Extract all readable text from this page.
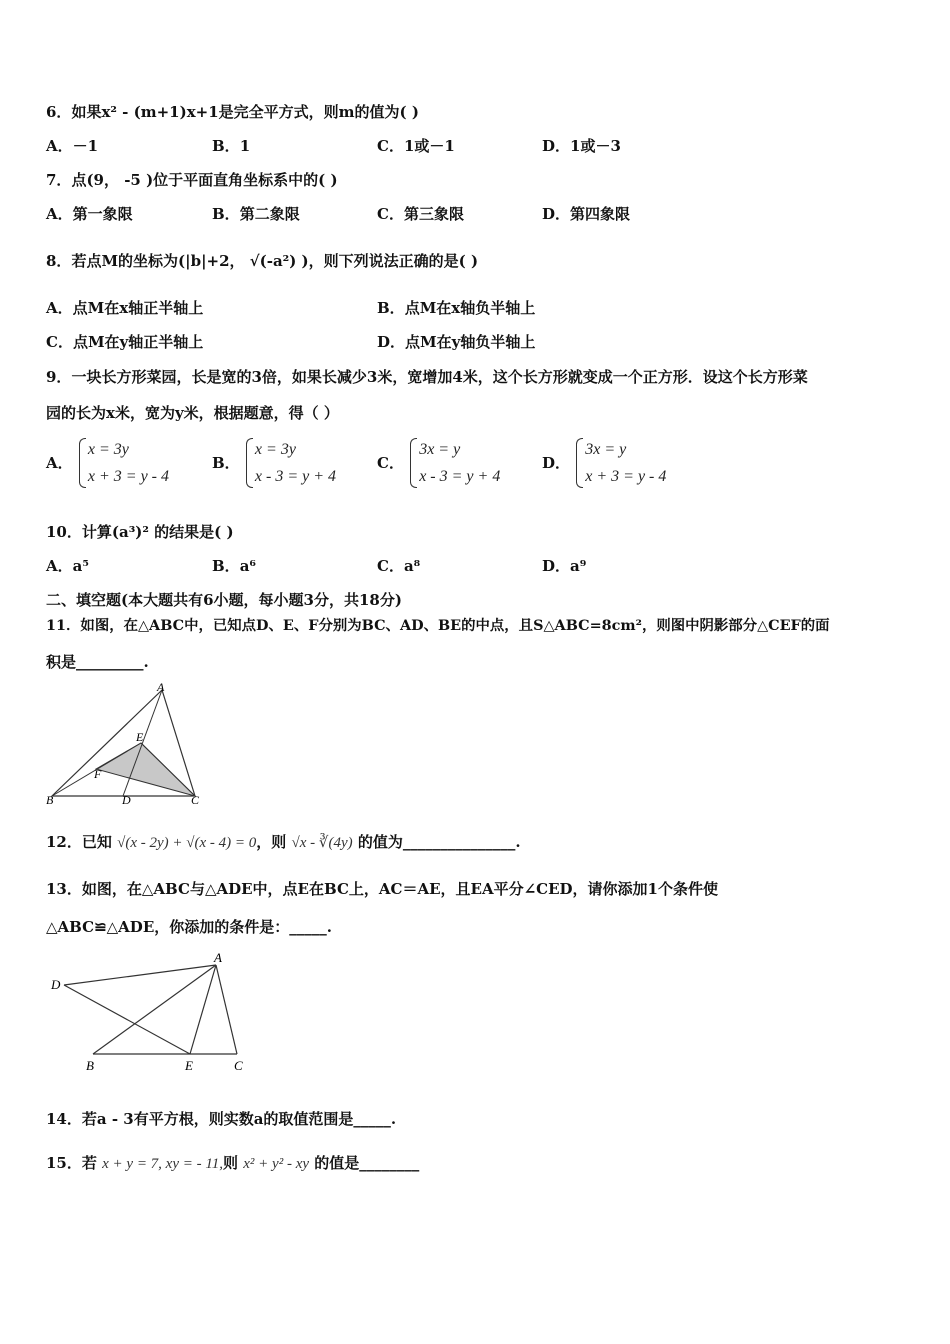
6．如果x² - (m+1)x+1是完全平方式，则m的值为( )
A．－1	B．1	C．1或－1	D．1或－3
7．点(9， -5 )位于平面直角坐标系中的( )
A．第一象限	B．第二象限	C．第三象限	D．第四象限
8．若点M的坐标为(|b|+2， √(-a²) )，则下列说法正确的是( )
A．点M在x轴正半轴上	B．点M在x轴负半轴上
C．点M在y轴正半轴上	D．点M在y轴负半轴上
9．一块长方形菜园，长是宽的3倍，如果长减少3米，宽增加4米，这个长方形就变成一个正方形．设这个长方形菜
园的长为x米，宽为y米，根据题意，得（ ）
A．
x = 3y
x + 3 = y - 4
B．
x = 3y
x - 3 = y + 4
C．
3x = y
x - 3 = y + 4
D．
3x = y
x + 3 = y - 4
10．计算(a³)² 的结果是( )
A．a⁵	B．a⁶	C．a⁸	D．a⁹
二、填空题(本大题共有6小题，每小题3分，共18分)
11．如图，在△ABC中，已知点D、E、F分别为BC、AD、BE的中点，且S△ABC=8cm²，则图中阴影部分△CEF的面
积是_________.
A
E
F
B	D	C
12．已知 √(x - 2y) + √(x - 4) = 0，则 √x - ∛(4y) 的值为_______________.
13．如图，在△ABC与△ADE中，点E在BC上，AC＝AE，且EA平分∠CED，请你添加1个条件使
△ABC≌△ADE，你添加的条件是：_____.
D
A
B	E	C
14．若a - 3有平方根，则实数a的取值范围是_____.
15．若 x + y = 7, xy = - 11,则 x² + y² - xy 的值是________
